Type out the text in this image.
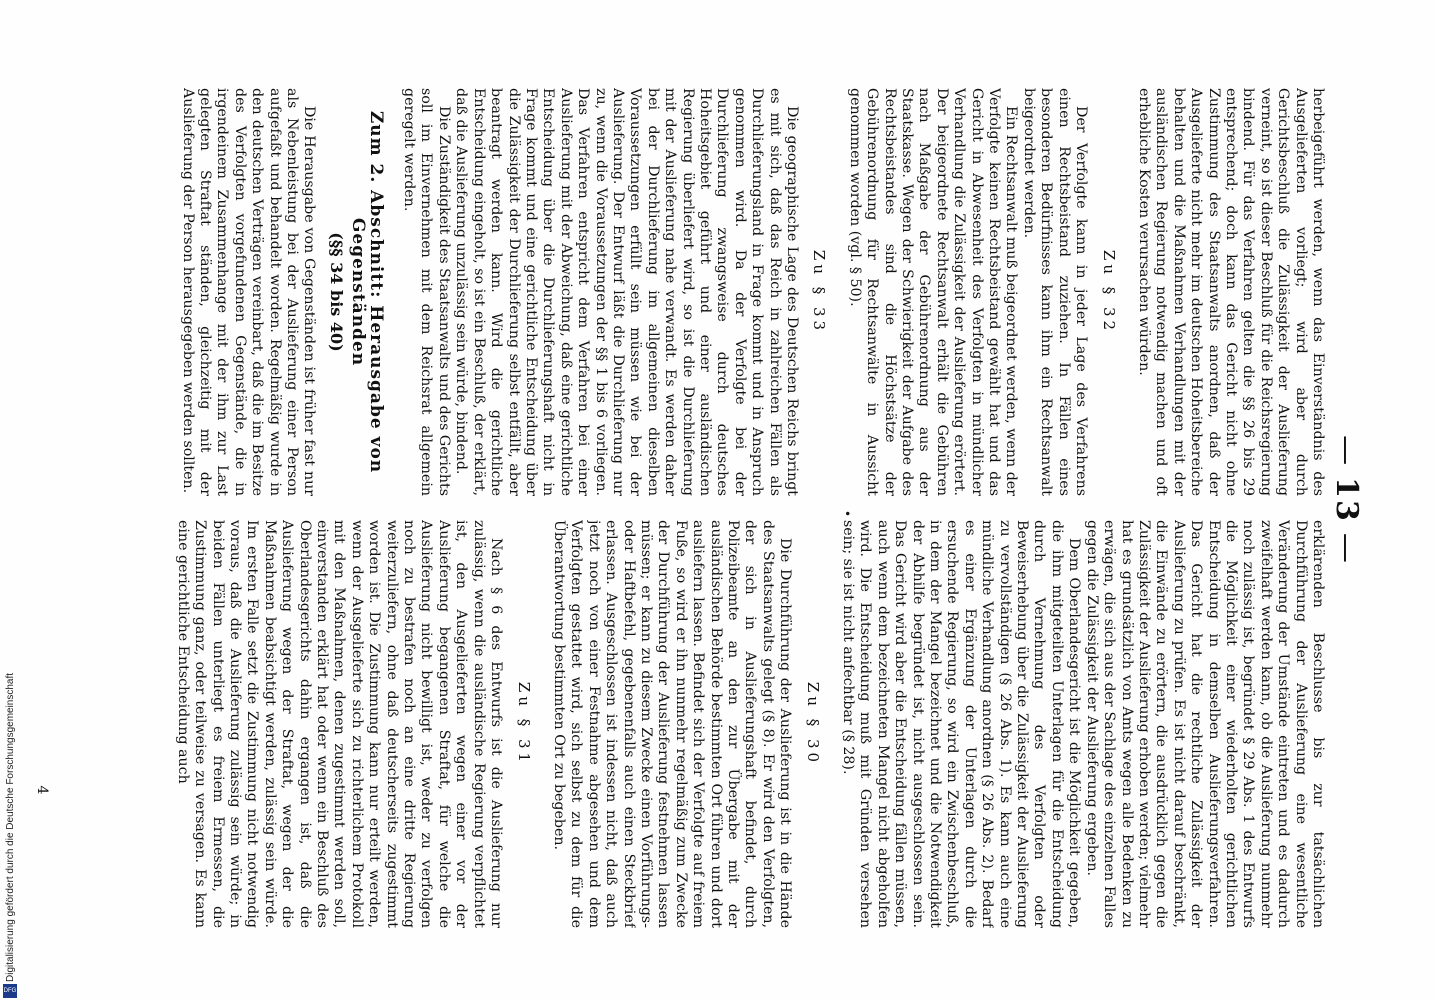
—13—

herbeigeführt werden, wenn das Einverständnis des Ausgelieferten vorliegt; wird aber durch Gerichtsbeschluß die Zulässigkeit der Auslieferung verneint, so ist dieser Beschluß für die Reichsregierung bindend. Für das Verfahren gelten die §§ 26 bis 29 entsprechend; doch kann das Gericht nicht ohne Zustimmung des Staatsanwalts anordnen, daß der Ausgelieferte nicht mehr im deutschen Hoheitsbereiche behalten und die Maßnahmen Verhandlungen mit der ausländischen Regierung notwendig machen und oft erhebliche Kosten verursachen würden.

Zu § 32

Der Verfolgte kann in jeder Lage des Verfahrens einen Rechtsbeistand zuziehen. In Fällen eines besonderen Bedürfnisses kann ihm ein Rechtsanwalt beigeordnet werden.

Ein Rechtsanwalt muß beigeordnet werden, wenn der Verfolgte keinen Rechtsbeistand gewählt hat und das Gericht in Abwesenheit des Verfolgten in mündlicher Verhandlung die Zulässigkeit der Auslieferung erörtert. Der beigeordnete Rechtsanwalt erhält die Gebühren nach Maßgabe der Gebührenordnung aus der Staatskasse. Wegen der Schwierigkeit der Aufgabe des Rechtsbeistandes sind die Höchstsätze der Gebührenordnung für Rechtsanwälte in Aussicht genommen worden (vgl. § 50).

Zu § 33

Die geographische Lage des Deutschen Reichs bringt es mit sich, daß das Reich in zahlreichen Fällen als Durchlieferungsland in Frage kommt und in Anspruch genommen wird. Da der Verfolgte bei der Durchlieferung zwangsweise durch deutsches Hoheitsgebiet geführt und einer ausländischen Regierung überliefert wird, so ist die Durchlieferung mit der Auslieferung nahe verwandt. Es werden daher bei der Durchlieferung im allgemeinen dieselben Voraussetzungen erfüllt sein müssen wie bei der Auslieferung. Der Entwurf läßt die Durchlieferung nur zu, wenn die Voraussetzungen der §§ 1 bis 6 vorliegen. Das Verfahren entspricht dem Verfahren bei einer Auslieferung mit der Abweichung, daß eine gerichtliche Entscheidung über die Durchlieferungshaft nicht in Frage kommt und eine gerichtliche Entscheidung über die Zulässigkeit der Durchlieferung selbst entfällt, aber beantragt werden kann. Wird die gerichtliche Entscheidung eingeholt, so ist ein Beschluß, der erklärt, daß die Auslieferung unzulässig sein würde, bindend.

Die Zuständigkeit des Staatsanwalts und des Gerichts soll im Einvernehmen mit dem Reichsrat allgemein geregelt werden.

Zum 2. Abschnitt: Herausgabe von Gegenständen
(§§ 34 bis 40)

Die Herausgabe von Gegenständen ist früher fast nur als Nebenleistung bei der Auslieferung einer Person aufgefaßt und behandelt worden. Regelmäßig wurde in den deutschen Verträgen vereinbart, daß die im Besitze des Verfolgten vorgefundenen Gegenstände, die in irgendeinem Zusammenhange mit der ihm zur Last gelegten Straftat ständen, gleichzeitig mit der Auslieferung der Person herausgegeben werden sollten.

•

erklärenden Beschlusse bis zur tatsächlichen Durchführung der Auslieferung eine wesentliche Veränderung der Umstände eintreten und es dadurch zweifelhaft werden kann, ob die Auslieferung nunmehr noch zulässig ist, begründet § 29 Abs. 1 des Entwurfs die Möglichkeit einer wiederholten gerichtlichen Entscheidung in demselben Auslieferungsverfahren. Das Gericht hat die rechtliche Zulässigkeit der Auslieferung zu prüfen. Es ist nicht darauf beschränkt, die Einwände zu erörtern, die ausdrücklich gegen die Zulässigkeit der Auslieferung erhoben werden; vielmehr hat es grundsätzlich von Amts wegen alle Bedenken zu erwägen, die sich aus der Sachlage des einzelnen Falles gegen die Zulässigkeit der Auslieferung ergeben.

Dem Oberlandesgericht ist die Möglichkeit gegeben, die ihm mitgeteilten Unterlagen für die Entscheidung durch Vernehmung des Verfolgten oder Beweiserhebung über die Zulässigkeit der Auslieferung zu vervollständigen (§ 26 Abs. 1). Es kann auch eine mündliche Verhandlung anordnen (§ 26 Abs. 2). Bedarf es einer Ergänzung der Unterlagen durch die ersuchende Regierung, so wird ein Zwischenbeschluß, in dem der Mangel bezeichnet und die Notwendigkeit der Abhilfe begründet ist, nicht ausgeschlossen sein. Das Gericht wird aber die Entscheidung fällen müssen, auch wenn dem bezeichneten Mangel nicht abgeholfen wird. Die Entscheidung muß mit Gründen versehen sein; sie ist nicht anfechtbar (§ 28).

Zu § 30

Die Durchführung der Auslieferung ist in die Hände des Staatsanwalts gelegt (§ 8). Er wird den Verfolgten, der sich in Auslieferungshaft befindet, durch Polizeibeamte an den zur Übergabe mit der ausländischen Behörde bestimmten Ort führen und dort ausliefern lassen. Befindet sich der Verfolgte auf freiem Fuße, so wird er ihn nunmehr regelmäßig zum Zwecke der Durchführung der Auslieferung festnehmen lassen müssen; er kann zu diesem Zwecke einen Vorführungs- oder Haftbefehl, gegebenenfalls auch einen Steckbrief erlassen. Ausgeschlossen ist indessen nicht, daß auch jetzt noch von einer Festnahme abgesehen und dem Verfolgten gestattet wird, sich selbst zu dem für die Überantwortung bestimmten Ort zu begeben.

Zu § 31

Nach § 6 des Entwurfs ist die Auslieferung nur zulässig, wenn die ausländische Regierung verpflichtet ist, den Ausgelieferten wegen einer vor der Auslieferung begangenen Straftat, für welche die Auslieferung nicht bewilligt ist, weder zu verfolgen noch zu bestrafen noch an eine dritte Regierung weiterzuliefern, ohne daß deutscherseits zugestimmt worden ist. Die Zustimmung kann nur erteilt werden, wenn der Ausgelieferte sich zu richterlichem Protokoll mit den Maßnahmen, denen zugestimmt werden soll, einverstanden erklärt hat oder wenn ein Beschluß des Oberlandesgerichts dahin ergangen ist, daß die Auslieferung wegen der Straftat, wegen der die Maßnahmen beabsichtigt werden, zulässig sein würde. Im ersten Falle setzt die Zustimmung nicht notwendig voraus, daß die Auslieferung zulässig sein würde; in beiden Fällen unterliegt es freiem Ermessen, die Zustimmung ganz, oder teilweise zu versagen. Es kann eine gerichtliche Entscheidung auch

4
Digitalisierung gefördert durch die Deutsche Forschungsgemeinschaft
DFG
